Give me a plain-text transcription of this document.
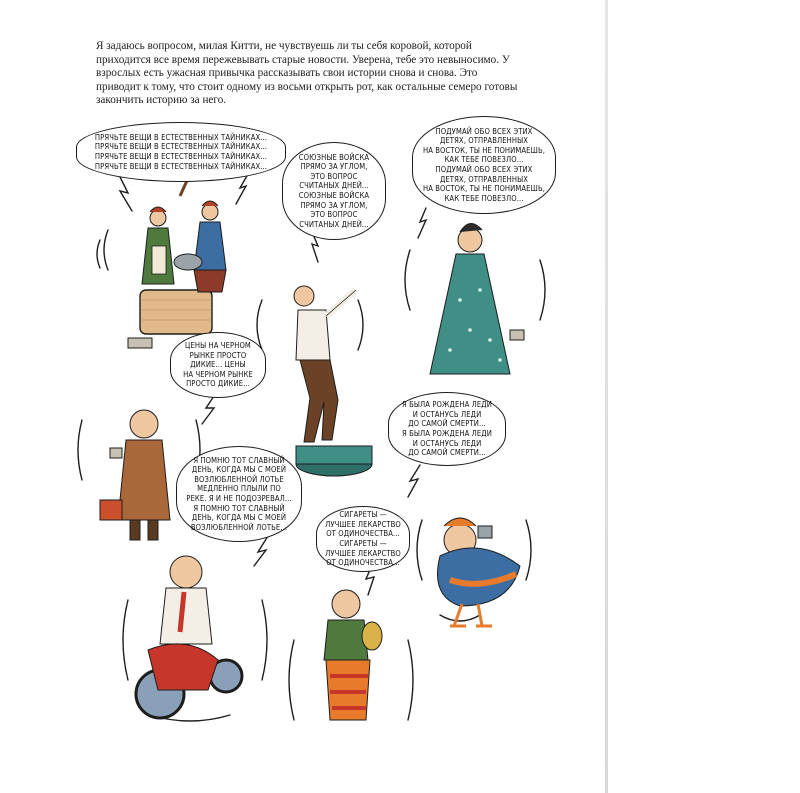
Я задаюсь вопросом, милая Китти, не чувствуешь ли ты себя коровой, которой приходится все время пережевывать старые новости. Уверена, тебе это невыносимо. У взрослых есть ужасная привычка рассказывать свои истории снова и снова. Это приводит к тому, что стоит одному из восьми открыть рот, как остальные семеро готовы закончить историю за него.

ПРЯЧЬТЕ ВЕЩИ В ЕСТЕСТВЕННЫХ ТАЙНИКАХ...
ПРЯЧЬТЕ ВЕЩИ В ЕСТЕСТВЕННЫХ ТАЙНИКАХ...
ПРЯЧЬТЕ ВЕЩИ В ЕСТЕСТВЕННЫХ ТАЙНИКАХ...
ПРЯЧЬТЕ ВЕЩИ В ЕСТЕСТВЕННЫХ ТАЙНИКАХ...
СОЮЗНЫЕ ВОЙСКА
ПРЯМО ЗА УГЛОМ,
ЭТО ВОПРОС
СЧИТАНЫХ ДНЕЙ...
СОЮЗНЫЕ ВОЙСКА
ПРЯМО ЗА УГЛОМ,
ЭТО ВОПРОС
СЧИТАНЫХ ДНЕЙ...
ПОДУМАЙ ОБО ВСЕХ ЭТИХ
ДЕТЯХ, ОТПРАВЛЕННЫХ
НА ВОСТОК, ТЫ НЕ ПОНИМАЕШЬ,
КАК ТЕБЕ ПОВЕЗЛО...
ПОДУМАЙ ОБО ВСЕХ ЭТИХ
ДЕТЯХ, ОТПРАВЛЕННЫХ
НА ВОСТОК, ТЫ НЕ ПОНИМАЕШЬ,
КАК ТЕБЕ ПОВЕЗЛО...
ЦЕНЫ НА ЧЕРНОМ
РЫНКЕ ПРОСТО
ДИКИЕ... ЦЕНЫ
НА ЧЕРНОМ РЫНКЕ
ПРОСТО ДИКИЕ...
Я БЫЛА РОЖДЕНА ЛЕДИ
И ОСТАНУСЬ ЛЕДИ
ДО САМОЙ СМЕРТИ...
Я БЫЛА РОЖДЕНА ЛЕДИ
И ОСТАНУСЬ ЛЕДИ
ДО САМОЙ СМЕРТИ...
Я ПОМНЮ ТОТ СЛАВНЫЙ
ДЕНЬ, КОГДА МЫ С МОЕЙ
ВОЗЛЮБЛЕННОЙ ЛОТЬЕ
МЕДЛЕННО ПЛЫЛИ ПО
РЕКЕ. Я И НЕ ПОДОЗРЕВАЛ...
Я ПОМНЮ ТОТ СЛАВНЫЙ
ДЕНЬ, КОГДА МЫ С МОЕЙ
ВОЗЛЮБЛЕННОЙ ЛОТЬЕ...
СИГАРЕТЫ —
ЛУЧШЕЕ ЛЕКАРСТВО
ОТ ОДИНОЧЕСТВА...
СИГАРЕТЫ —
ЛУЧШЕЕ ЛЕКАРСТВО
ОТ ОДИНОЧЕСТВА...
